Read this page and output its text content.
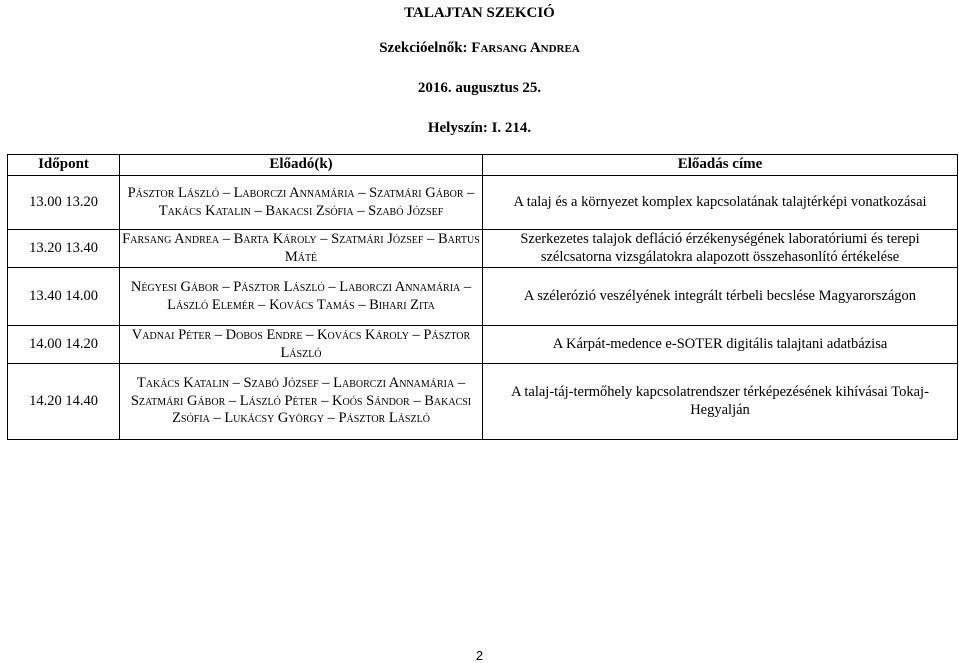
TALAJTAN SZEKCIÓ
Szekcióelnők: Farsang Andrea
2016. augusztus 25.
Helyszín: I. 214.
Időpont	Előadó(k)	Előadás címe
13.00 13.20	Pásztor László – Laborczi Annamária – Szatmári Gábor – Takács Katalin – Bakacsi Zsófia – Szabó József	A talaj és a környezet komplex kapcsolatának talajtérképi vonatkozásai
13.20 13.40	Farsang Andrea – Barta Károly – Szatmári József – Bartus Máté	Szerkezetes talajok defláció érzékenységének laboratóriumi és terepi szélcsatorna vizsgálatokra alapozott összehasonlító értékelése
13.40 14.00	Négyesi Gábor – Pásztor László – Laborczi Annamária – László Elemér – Kovács Tamás – Bihari Zita	A szélerózió veszélyének integrált térbeli becslése Magyarországon
14.00 14.20	Vadnai Péter – Dobos Endre – Kovács Károly – Pásztor László	A Kárpát-medence e-SOTER digitális talajtani adatbázisa
14.20 14.40	Takács Katalin – Szabó József – Laborczi Annamária – Szatmári Gábor – László Péter – Koós Sándor – Bakacsi Zsófia – Lukácsy György – Pásztor László	A talaj-táj-termőhely kapcsolatrendszer térképezésének kihívásai Tokaj-Hegyalján
2
